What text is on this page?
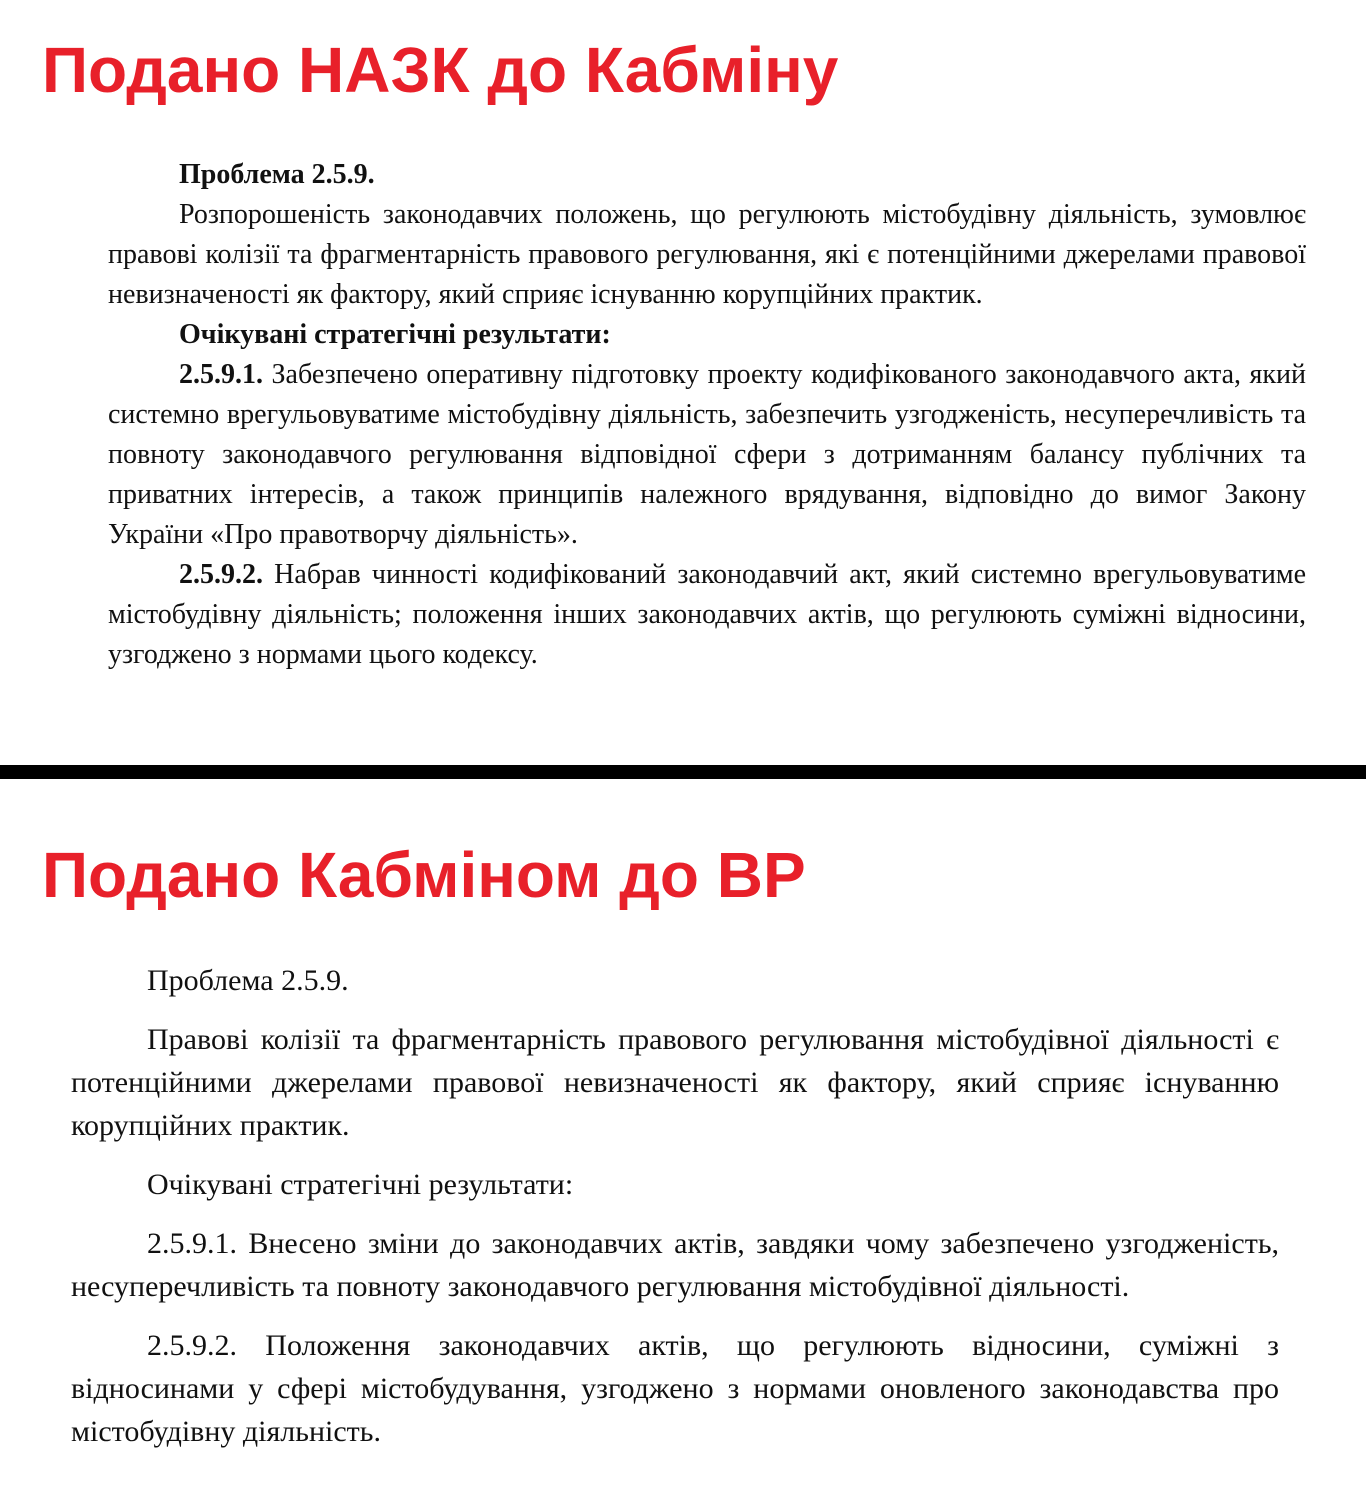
Подано НАЗК до Кабміну

Проблема 2.5.9.

Розпорошеність законодавчих положень, що регулюють містобудівну діяльність, зумовлює правові колізії та фрагментарність правового регулювання, які є потенційними джерелами правової невизначеності як фактору, який сприяє існуванню корупційних практик.

Очікувані стратегічні результати:

2.5.9.1. Забезпечено оперативну підготовку проекту кодифікованого законодавчого акта, який системно врегульовуватиме містобудівну діяльність, забезпечить узгодженість, несуперечливість та повноту законодавчого регулювання відповідної сфери з дотриманням балансу публічних та приватних інтересів, а також принципів належного врядування, відповідно до вимог Закону України «Про правотворчу діяльність».

2.5.9.2. Набрав чинності кодифікований законодавчий акт, який системно врегульовуватиме містобудівну діяльність; положення інших законодавчих актів, що регулюють суміжні відносини, узгоджено з нормами цього кодексу.

Подано Кабміном до ВР

Проблема 2.5.9.

Правові колізії та фрагментарність правового регулювання містобудівної діяльності є потенційними джерелами правової невизначеності як фактору, який сприяє існуванню корупційних практик.

Очікувані стратегічні результати:

2.5.9.1. Внесено зміни до законодавчих актів, завдяки чому забезпечено узгодженість, несуперечливість та повноту законодавчого регулювання містобудівної діяльності.

2.5.9.2. Положення законодавчих актів, що регулюють відносини, суміжні з відносинами у сфері містобудування, узгоджено з нормами оновленого законодавства про містобудівну діяльність.
